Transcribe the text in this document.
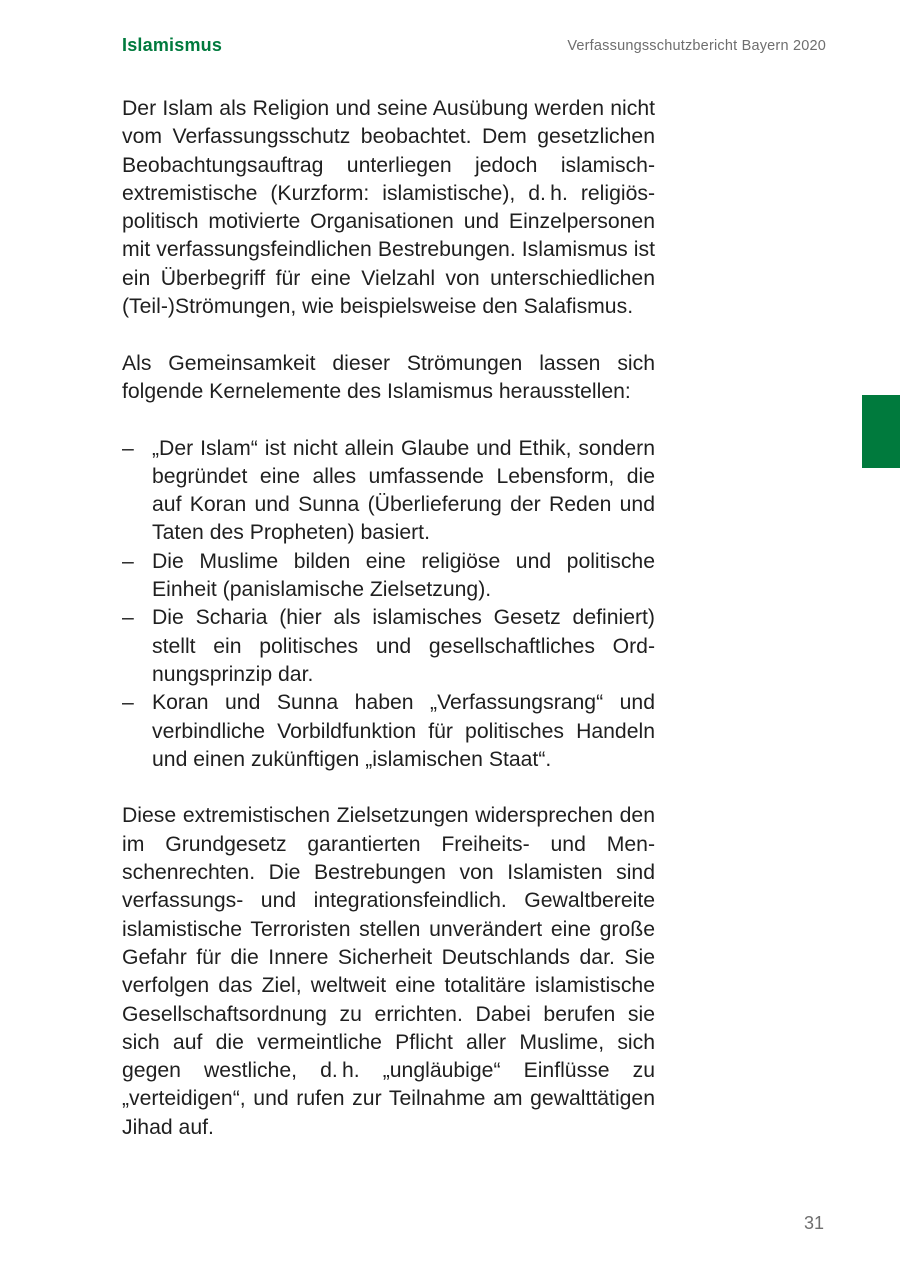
Islamismus	Verfassungsschutzbericht Bayern 2020

Der Islam als Religion und seine Ausübung werden nicht vom Verfassungsschutz beobachtet. Dem gesetzlichen Beobachtungsauftrag unterliegen jedoch islamisch-extremistische (Kurzform: islamistische), d. h. religiös-politisch motivierte Organisationen und Einzelpersonen mit verfassungsfeindlichen Bestrebungen. Islamismus ist ein Überbegriff für eine Vielzahl von unterschiedlichen (Teil-)Strömungen, wie beispielsweise den Salafismus.

Als Gemeinsamkeit dieser Strömungen lassen sich folgende Kernelemente des Islamismus herausstellen:

– „Der Islam“ ist nicht allein Glaube und Ethik, sondern begründet eine alles umfassende Lebensform, die auf Koran und Sunna (Überlieferung der Reden und Taten des Propheten) basiert.
– Die Muslime bilden eine religiöse und politische Einheit (panislamische Zielsetzung).
– Die Scharia (hier als islamisches Gesetz definiert) stellt ein politisches und gesellschaftliches Ordnungsprinzip dar.
– Koran und Sunna haben „Verfassungsrang“ und verbindliche Vorbildfunktion für politisches Handeln und einen zukünftigen „islamischen Staat“.

Diese extremistischen Zielsetzungen widersprechen den im Grundgesetz garantierten Freiheits- und Menschenrechten. Die Bestrebungen von Islamisten sind verfassungs- und integrationsfeindlich. Gewaltbereite islamistische Terroristen stellen unverändert eine große Gefahr für die Innere Sicherheit Deutschlands dar. Sie verfolgen das Ziel, weltweit eine totalitäre islamistische Gesellschaftsordnung zu errichten. Dabei berufen sie sich auf die vermeintliche Pflicht aller Muslime, sich gegen westliche, d. h. „ungläubige“ Einflüsse zu „verteidigen“, und rufen zur Teilnahme am gewalttätigen Jihad auf.

31
